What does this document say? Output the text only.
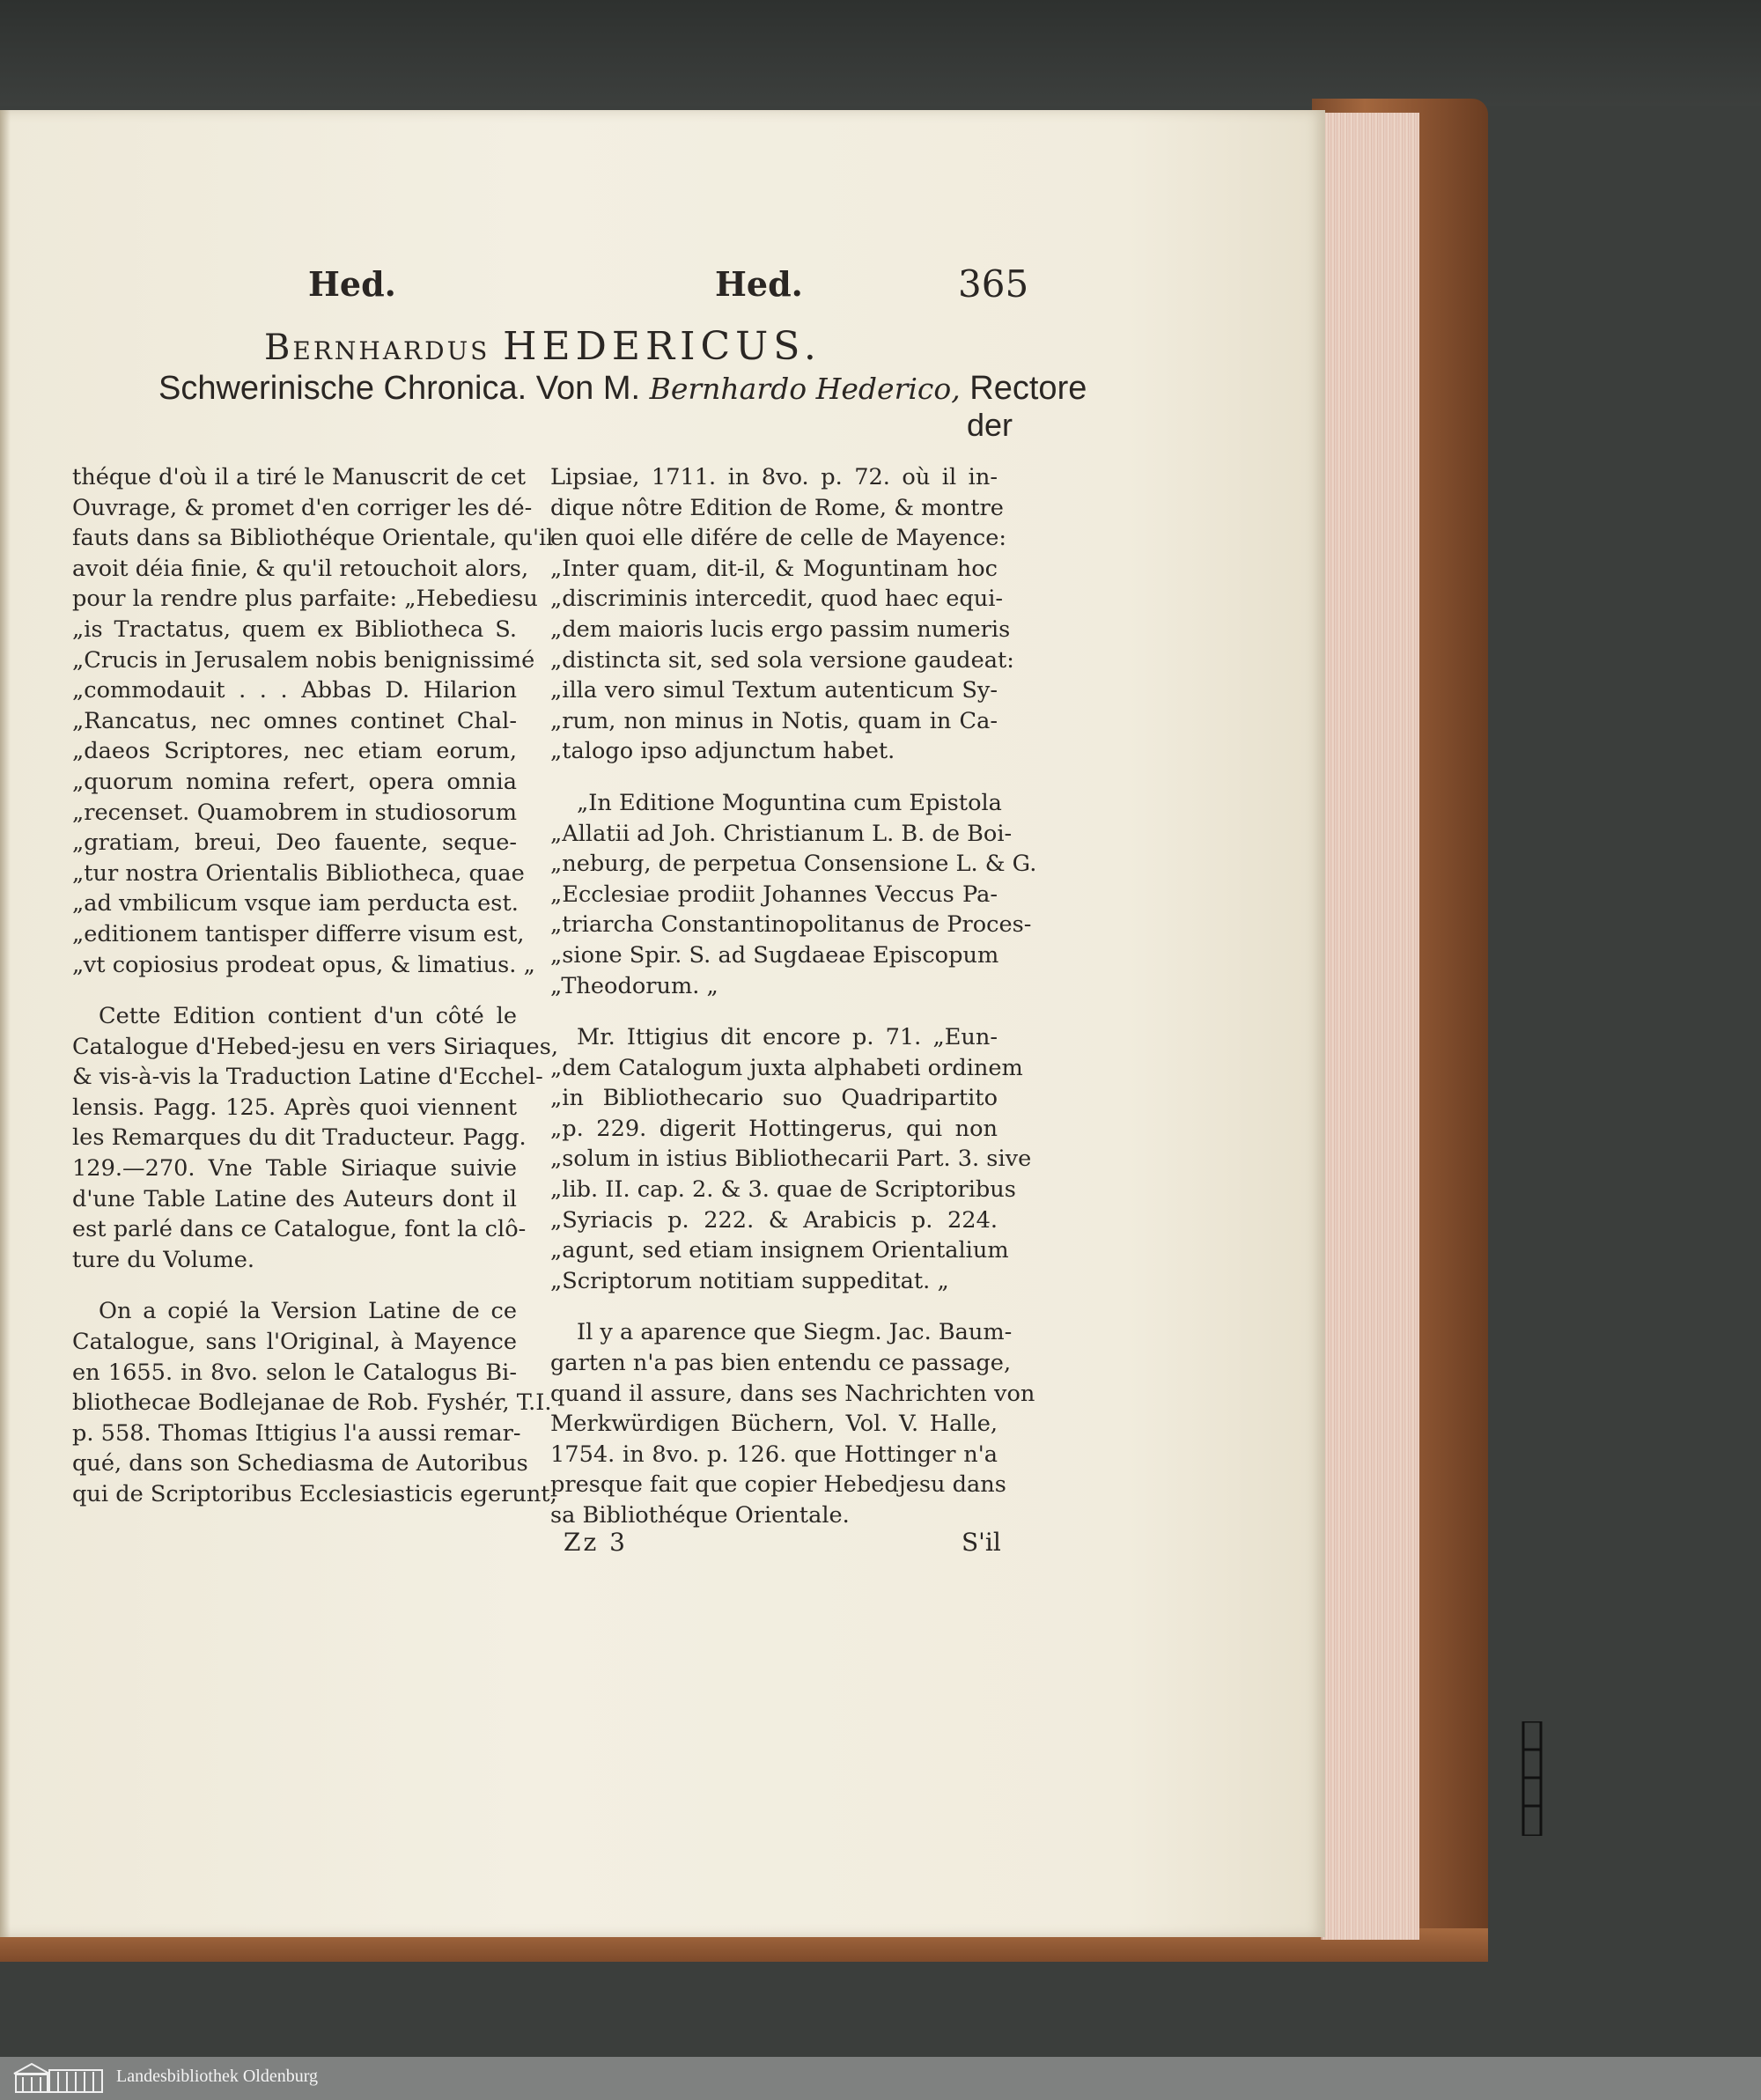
Hed.	Hed.	365
Bernhardus HEDERICUS.
Schwerinische Chronica. Von M. Bernhardo Hederico, Rectore
der
théque d'où il a tiré le Manuscrit de cet
Ouvrage, & promet d'en corriger les dé-
fauts dans sa Bibliothéque Orientale, qu'il
avoit déia finie, & qu'il retouchoit alors,
pour la rendre plus parfaite: „Hebediesu
„is Tractatus, quem ex Bibliotheca S.
„Crucis in Jerusalem nobis benignissimé
„commodauit . . . Abbas D. Hilarion
„Rancatus, nec omnes continet Chal-
„daeos Scriptores, nec etiam eorum,
„quorum nomina refert, opera omnia
„recenset. Quamobrem in studiosorum
„gratiam, breui, Deo fauente, seque-
„tur nostra Orientalis Bibliotheca, quae
„ad vmbilicum vsque iam perducta est.
„editionem tantisper differre visum est,
„vt copiosius prodeat opus, & limatius. „
Cette Edition contient d'un côté le
Catalogue d'Hebed-jesu en vers Siriaques,
& vis-à-vis la Traduction Latine d'Ecchel-
lensis. Pagg. 125. Après quoi viennent
les Remarques du dit Traducteur. Pagg.
129.—270. Vne Table Siriaque suivie
d'une Table Latine des Auteurs dont il
est parlé dans ce Catalogue, font la clô-
ture du Volume.
On a copié la Version Latine de ce
Catalogue, sans l'Original, à Mayence
en 1655. in 8vo. selon le Catalogus Bi-
bliothecae Bodlejanae de Rob. Fyshér, T.I.
p. 558. Thomas Ittigius l'a aussi remar-
qué, dans son Schediasma de Autoribus
qui de Scriptoribus Ecclesiasticis egerunt,
Lipsiae, 1711. in 8vo. p. 72. où il in-
dique nôtre Edition de Rome, & montre
en quoi elle difére de celle de Mayence:
„Inter quam, dit-il, & Moguntinam hoc
„discriminis intercedit, quod haec equi-
„dem maioris lucis ergo passim numeris
„distincta sit, sed sola versione gaudeat:
„illa vero simul Textum autenticum Sy-
„rum, non minus in Notis, quam in Ca-
„talogo ipso adjunctum habet.
„In Editione Moguntina cum Epistola
„Allatii ad Joh. Christianum L. B. de Boi-
„neburg, de perpetua Consensione L. & G.
„Ecclesiae prodiit Johannes Veccus Pa-
„triarcha Constantinopolitanus de Proces-
„sione Spir. S. ad Sugdaeae Episcopum
„Theodorum. „
Mr. Ittigius dit encore p. 71. „Eun-
„dem Catalogum juxta alphabeti ordinem
„in Bibliothecario suo Quadripartito
„p. 229. digerit Hottingerus, qui non
„solum in istius Bibliothecarii Part. 3. sive
„lib. II. cap. 2. & 3. quae de Scriptoribus
„Syriacis p. 222. & Arabicis p. 224.
„agunt, sed etiam insignem Orientalium
„Scriptorum notitiam suppeditat. „
Il y a aparence que Siegm. Jac. Baum-
garten n'a pas bien entendu ce passage,
quand il assure, dans ses Nachrichten von
Merkwürdigen Büchern, Vol. V. Halle,
1754. in 8vo. p. 126. que Hottinger n'a
presque fait que copier Hebedjesu dans
sa Bibliothéque Orientale.
Zz 3	S'il
Landesbibliothek Oldenburg
